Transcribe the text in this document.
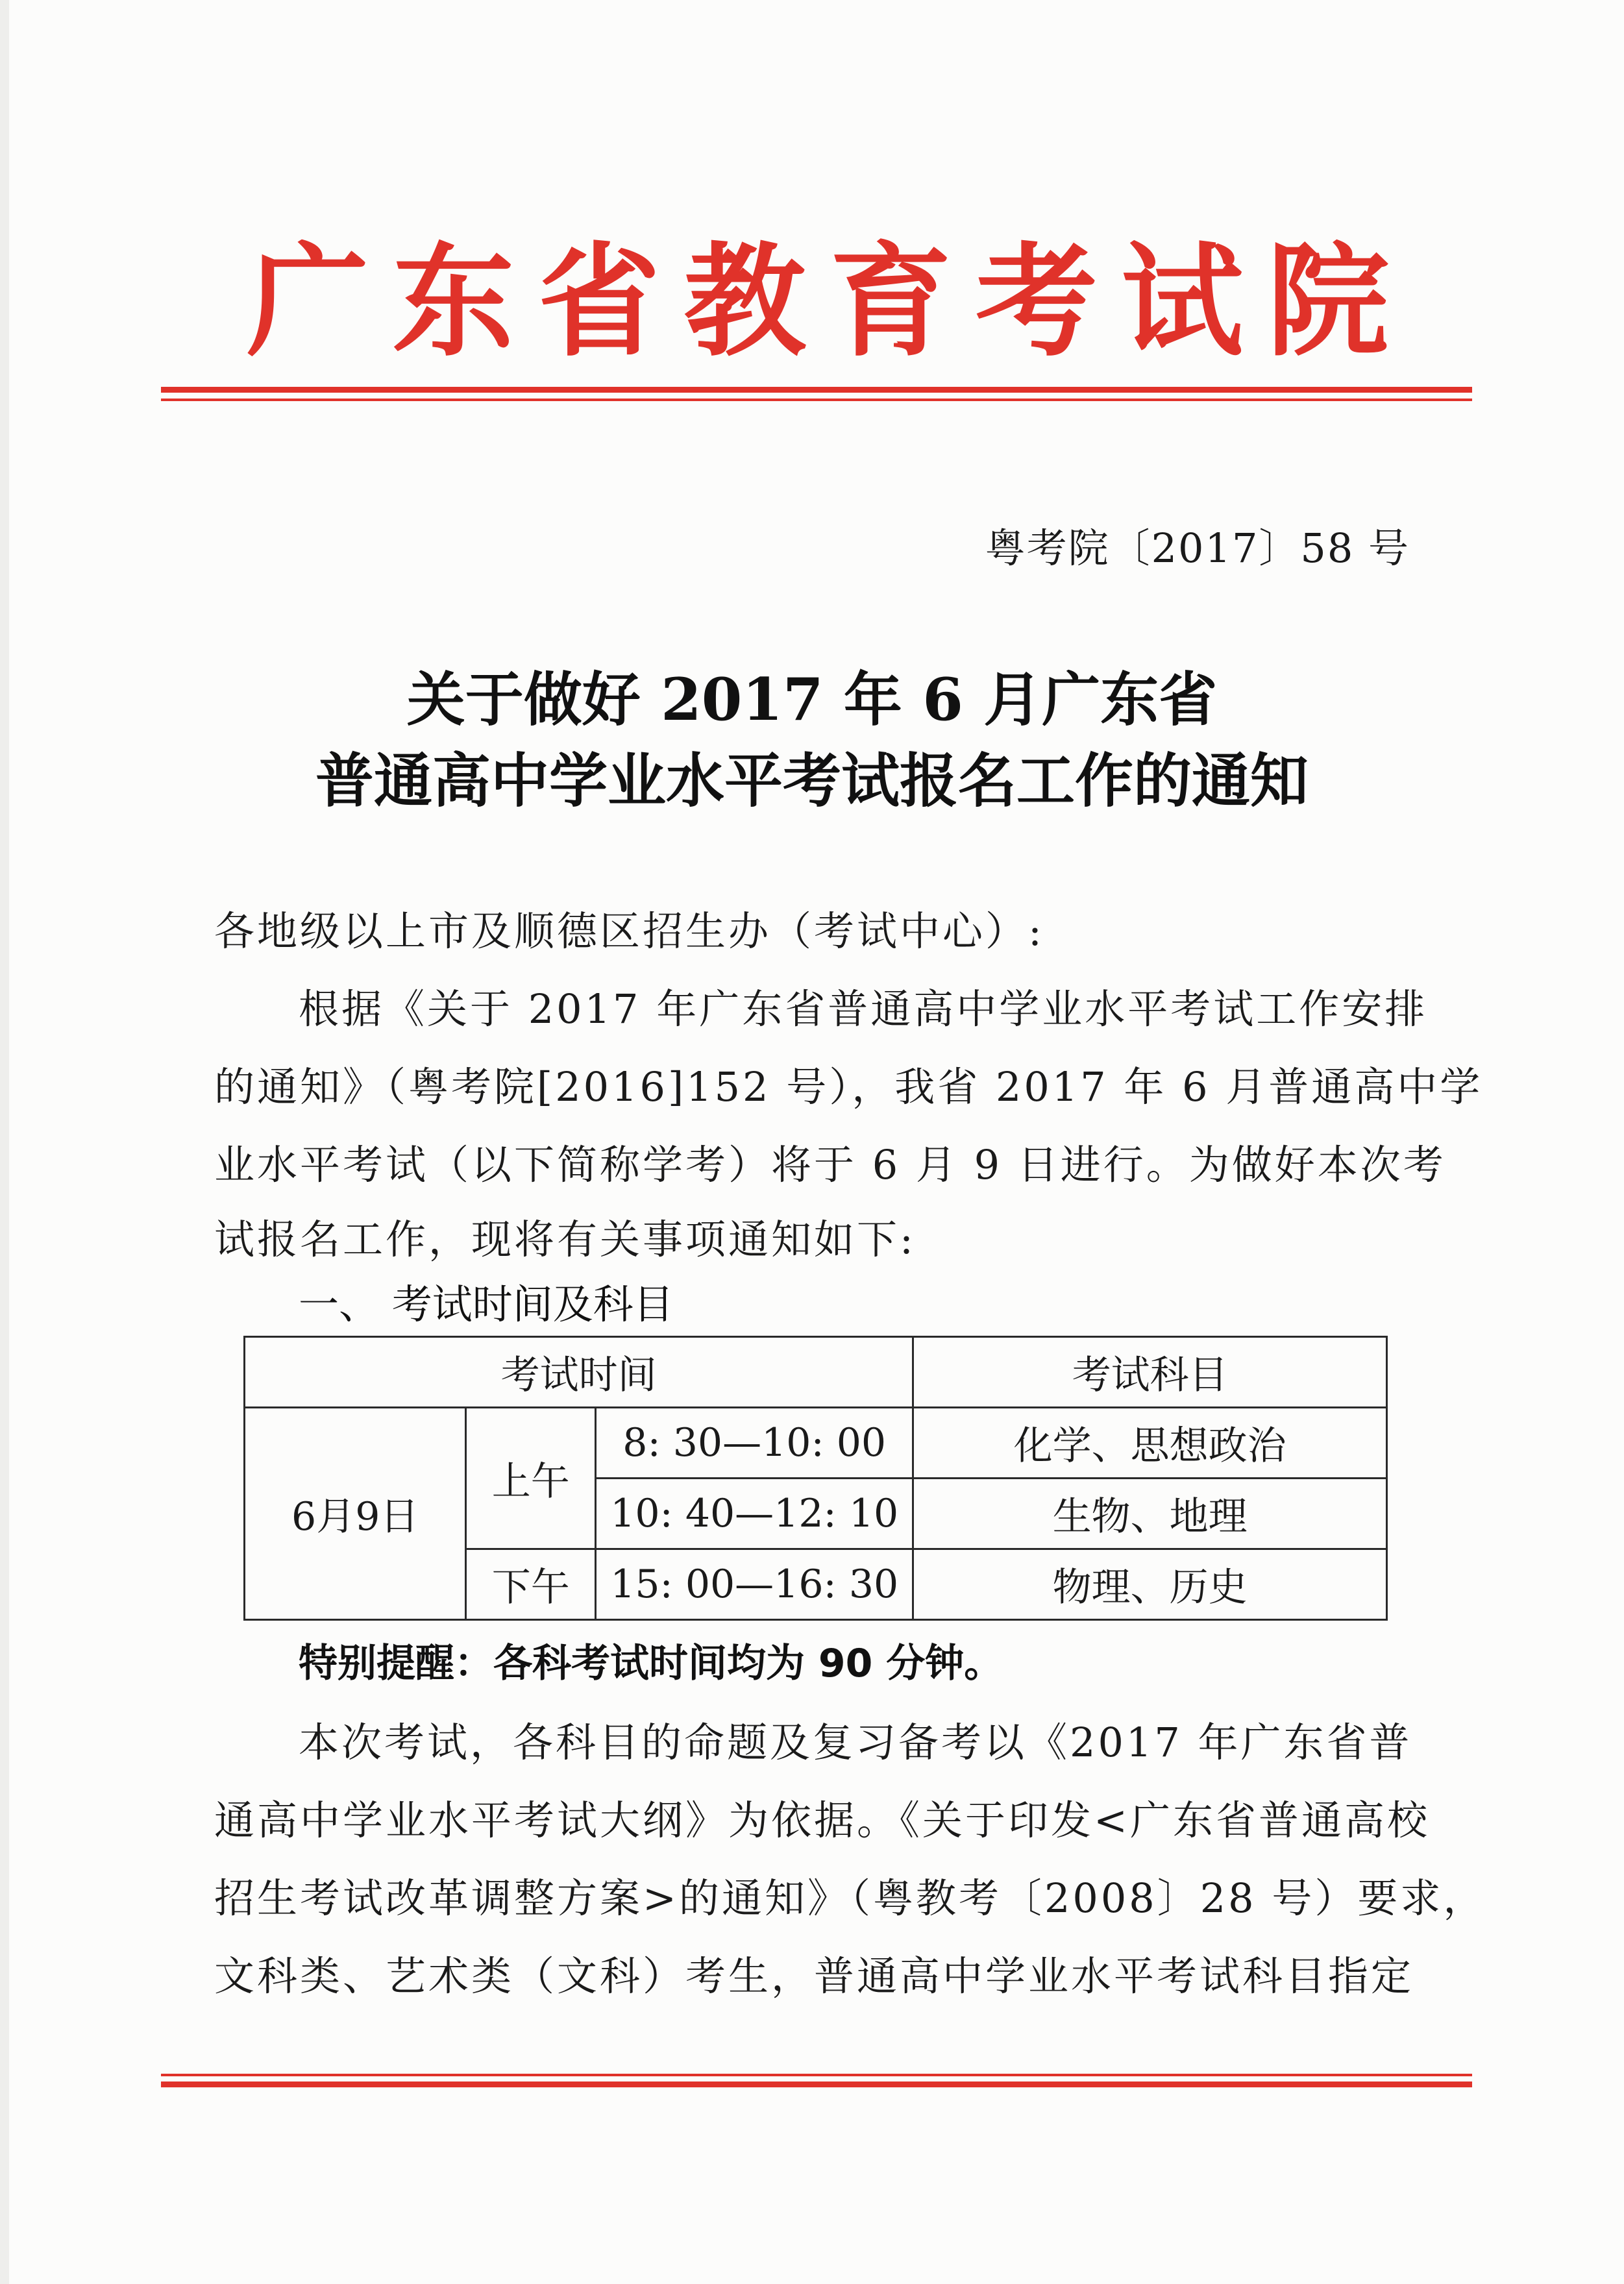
广 东 省 教 育 考 试 院
粤考院〔2017〕58 号
关于做好 2017 年 6 月广东省
普通高中学业水平考试报名工作的通知
各地级以上市及顺德区招生办（考试中心）:
根据《关于 2017 年广东省普通高中学业水平考试工作安排
的通知》（粤考院[2016]152 号），我省 2017 年 6 月普通高中学
业水平考试（以下简称学考）将于 6 月 9 日进行。为做好本次考
试报名工作，现将有关事项通知如下:
一、 考试时间及科目
考试时间			考试科目
6月9日	上午	8: 30—10: 00	化学、思想政治
		10: 40—12: 10	生物、地理
	下午	15: 00—16: 30	物理、历史
特别提醒：各科考试时间均为 90 分钟。
本次考试，各科目的命题及复习备考以《2017 年广东省普
通高中学业水平考试大纲》为依据。《关于印发<广东省普通高校
招生考试改革调整方案>的通知》（粤教考〔2008〕28 号）要求，
文科类、艺术类（文科）考生，普通高中学业水平考试科目指定
